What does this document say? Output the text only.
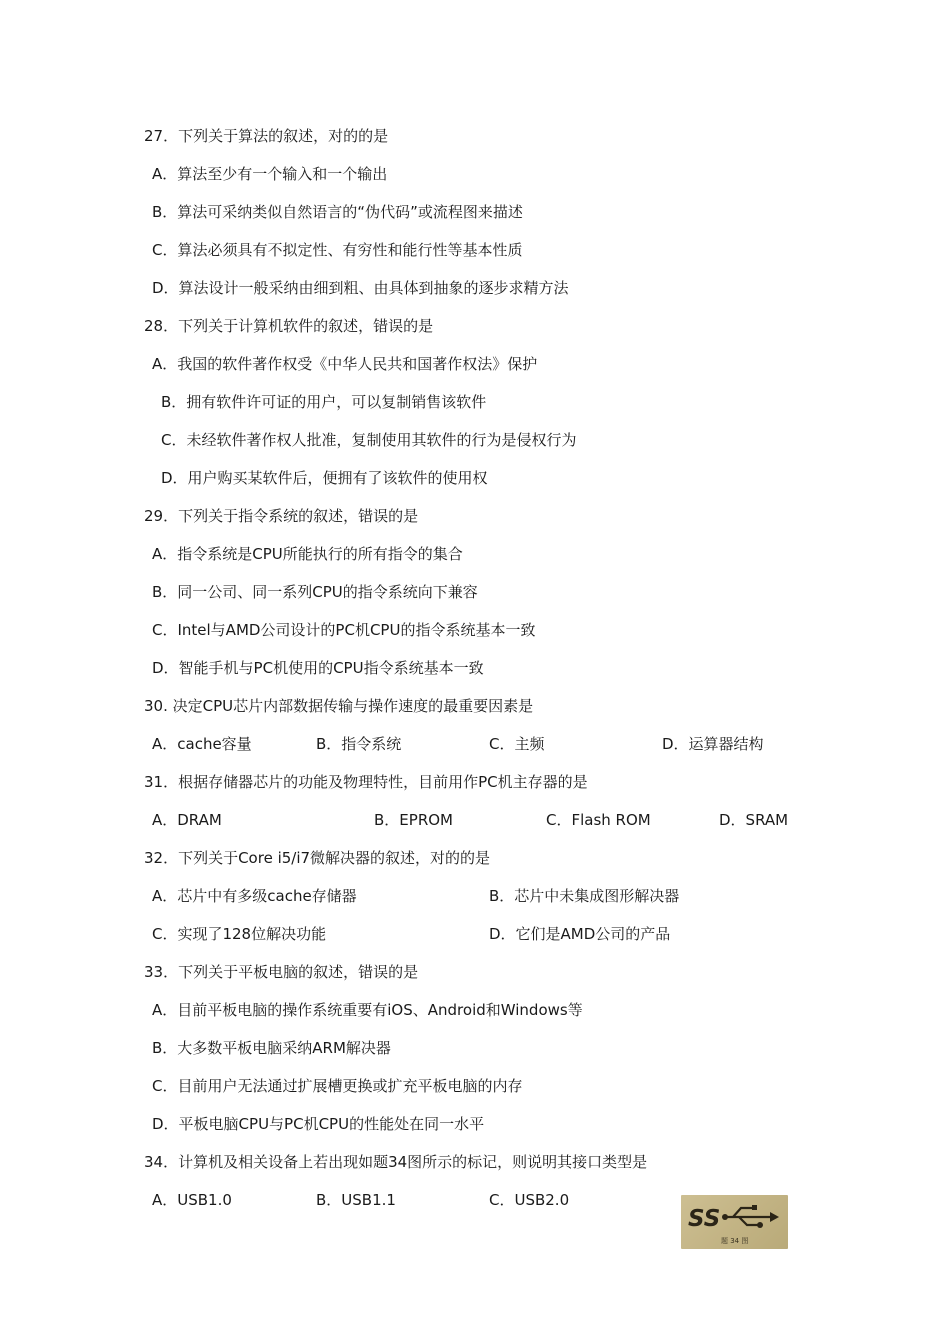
27．下列关于算法的叙述，对的的是
A．算法至少有一个输入和一个输出
B．算法可采纳类似自然语言的“伪代码”或流程图来描述
C．算法必须具有不拟定性、有穷性和能行性等基本性质
D．算法设计一般采纳由细到粗、由具体到抽象的逐步求精方法
28．下列关于计算机软件的叙述，错误的是
A．我国的软件著作权受《中华人民共和国著作权法》保护
B．拥有软件许可证的用户，可以复制销售该软件
C．未经软件著作权人批准，复制使用其软件的行为是侵权行为
D．用户购买某软件后，便拥有了该软件的使用权
29．下列关于指令系统的叙述，错误的是
A．指令系统是CPU所能执行的所有指令的集合
B．同一公司、同一系列CPU的指令系统向下兼容
C．Intel与AMD公司设计的PC机CPU的指令系统基本一致
D．智能手机与PC机使用的CPU指令系统基本一致
30. 决定CPU芯片内部数据传输与操作速度的最重要因素是
A．cache容量	B．指令系统	C．主频	D．运算器结构
31．根据存储器芯片的功能及物理特性，目前用作PC机主存器的是
A．DRAM	B．EPROM	C．Flash ROM	D．SRAM
32．下列关于Core i5/i7微解决器的叙述，对的的是
A．芯片中有多级cache存储器	B．芯片中未集成图形解决器
C．实现了128位解决功能	D．它们是AMD公司的产品
33．下列关于平板电脑的叙述，错误的是
A．目前平板电脑的操作系统重要有iOS、Android和Windows等
B．大多数平板电脑采纳ARM解决器
C．目前用户无法通过扩展槽更换或扩充平板电脑的内存
D．平板电脑CPU与PC机CPU的性能处在同一水平
34．计算机及相关设备上若出现如题34图所示的标记，则说明其接口类型是
A．USB1.0	B．USB1.1	C．USB2.0
SS
题 34 图
